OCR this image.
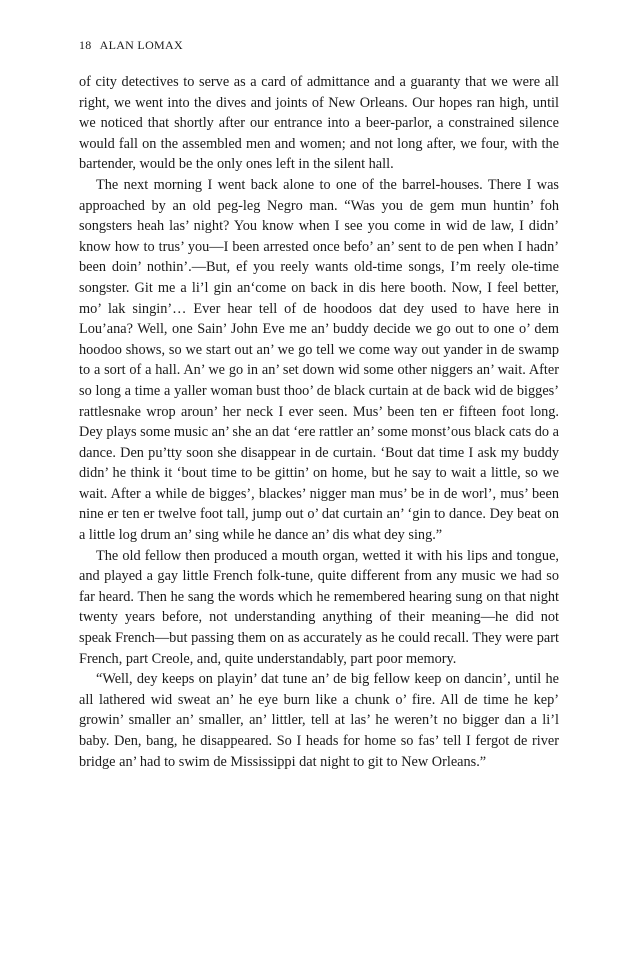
18 ALAN LOMAX

of city detectives to serve as a card of admittance and a guaranty that we were all right, we went into the dives and joints of New Orleans. Our hopes ran high, until we noticed that shortly after our entrance into a beer-parlor, a constrained silence would fall on the assembled men and women; and not long after, we four, with the bartender, would be the only ones left in the silent hall.

The next morning I went back alone to one of the barrel-houses. There I was approached by an old peg-leg Negro man. “Was you de gem mun huntin’ foh songsters heah las’ night? You know when I see you come in wid de law, I didn’ know how to trus’ you—I been arrested once befo’ an’ sent to de pen when I hadn’ been doin’ nothin’.—But, ef you reely wants old-time songs, I’m reely ole-time songster. Git me a li’l gin an‘come on back in dis here booth. Now, I feel better, mo’ lak singin’… Ever hear tell of de hoodoos dat dey used to have here in Lou’ana? Well, one Sain’ John Eve me an’ buddy decide we go out to one o’ dem hoodoo shows, so we start out an’ we go tell we come way out yander in de swamp to a sort of a hall. An’ we go in an’ set down wid some other niggers an’ wait. After so long a time a yaller woman bust thoo’ de black curtain at de back wid de bigges’ rattlesnake wrop aroun’ her neck I ever seen. Mus’ been ten er fifteen foot long. Dey plays some music an’ she an dat ‘ere rattler an’ some monst’ous black cats do a dance. Den pu’tty soon she disappear in de curtain. ‘Bout dat time I ask my buddy didn’ he think it ‘bout time to be gittin’ on home, but he say to wait a little, so we wait. After a while de bigges’, blackes’ nigger man mus’ be in de worl’, mus’ been nine er ten er twelve foot tall, jump out o’ dat curtain an’ ‘gin to dance. Dey beat on a little log drum an’ sing while he dance an’ dis what dey sing.”

The old fellow then produced a mouth organ, wetted it with his lips and tongue, and played a gay little French folk-tune, quite different from any music we had so far heard. Then he sang the words which he remembered hearing sung on that night twenty years before, not understanding anything of their meaning—he did not speak French—but passing them on as accurately as he could recall. They were part French, part Creole, and, quite understandably, part poor memory.

“Well, dey keeps on playin’ dat tune an’ de big fellow keep on dancin’, until he all lathered wid sweat an’ he eye burn like a chunk o’ fire. All de time he kep’ growin’ smaller an’ smaller, an’ littler, tell at las’ he weren’t no bigger dan a li’l baby. Den, bang, he disappeared. So I heads for home so fas’ tell I fergot de river bridge an’ had to swim de Mississippi dat night to git to New Orleans.”
